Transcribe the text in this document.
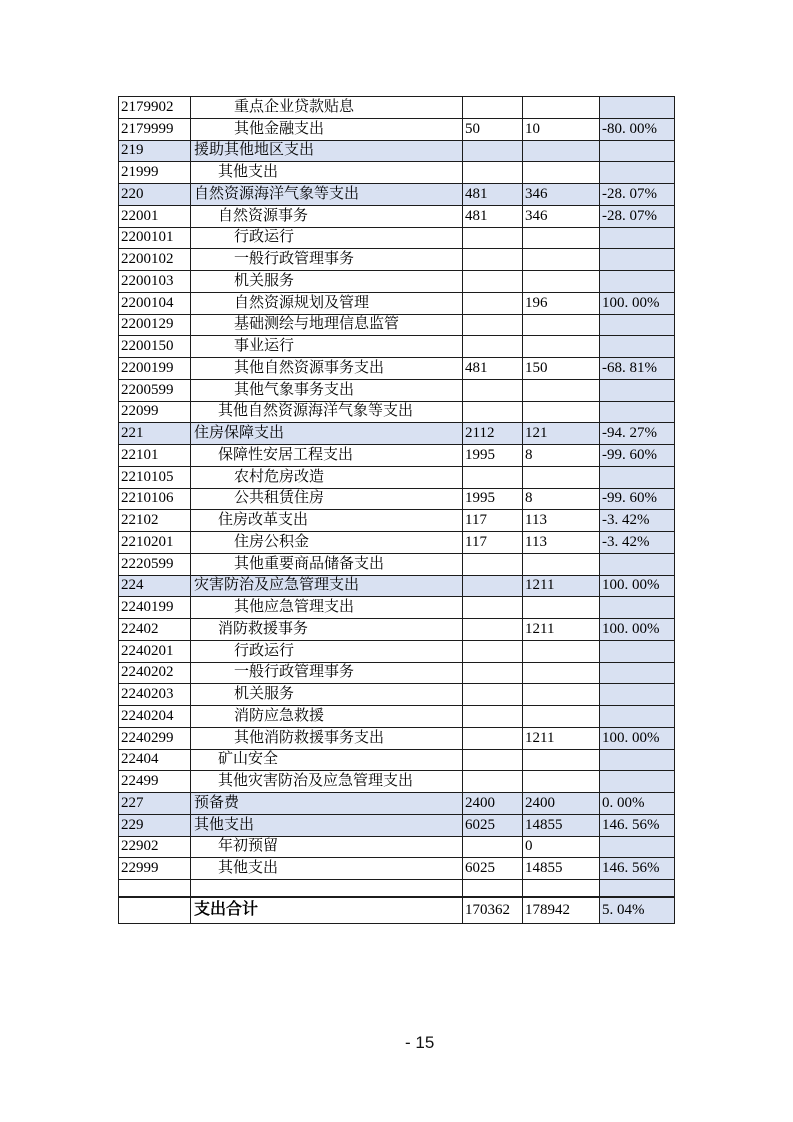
2179902	重点企业贷款贴息			
2179999	其他金融支出	50	10	-80. 00%
219	援助其他地区支出			
21999	其他支出			
220	自然资源海洋气象等支出	481	346	-28. 07%
22001	自然资源事务	481	346	-28. 07%
2200101	行政运行			
2200102	一般行政管理事务			
2200103	机关服务			
2200104	自然资源规划及管理		196	100. 00%
2200129	基础测绘与地理信息监管			
2200150	事业运行			
2200199	其他自然资源事务支出	481	150	-68. 81%
2200599	其他气象事务支出			
22099	其他自然资源海洋气象等支出			
221	住房保障支出	2112	121	-94. 27%
22101	保障性安居工程支出	1995	8	-99. 60%
2210105	农村危房改造			
2210106	公共租赁住房	1995	8	-99. 60%
22102	住房改革支出	117	113	-3. 42%
2210201	住房公积金	117	113	-3. 42%
2220599	其他重要商品储备支出			
224	灾害防治及应急管理支出		1211	100. 00%
2240199	其他应急管理支出			
22402	消防救援事务		1211	100. 00%
2240201	行政运行			
2240202	一般行政管理事务			
2240203	机关服务			
2240204	消防应急救援			
2240299	其他消防救援事务支出		1211	100. 00%
22404	矿山安全			
22499	其他灾害防治及应急管理支出			
227	预备费	2400	2400	0. 00%
229	其他支出	6025	14855	146. 56%
22902	年初预留		0	
22999	其他支出	6025	14855	146. 56%

	支出合计	170362	178942	5. 04%
- 15
